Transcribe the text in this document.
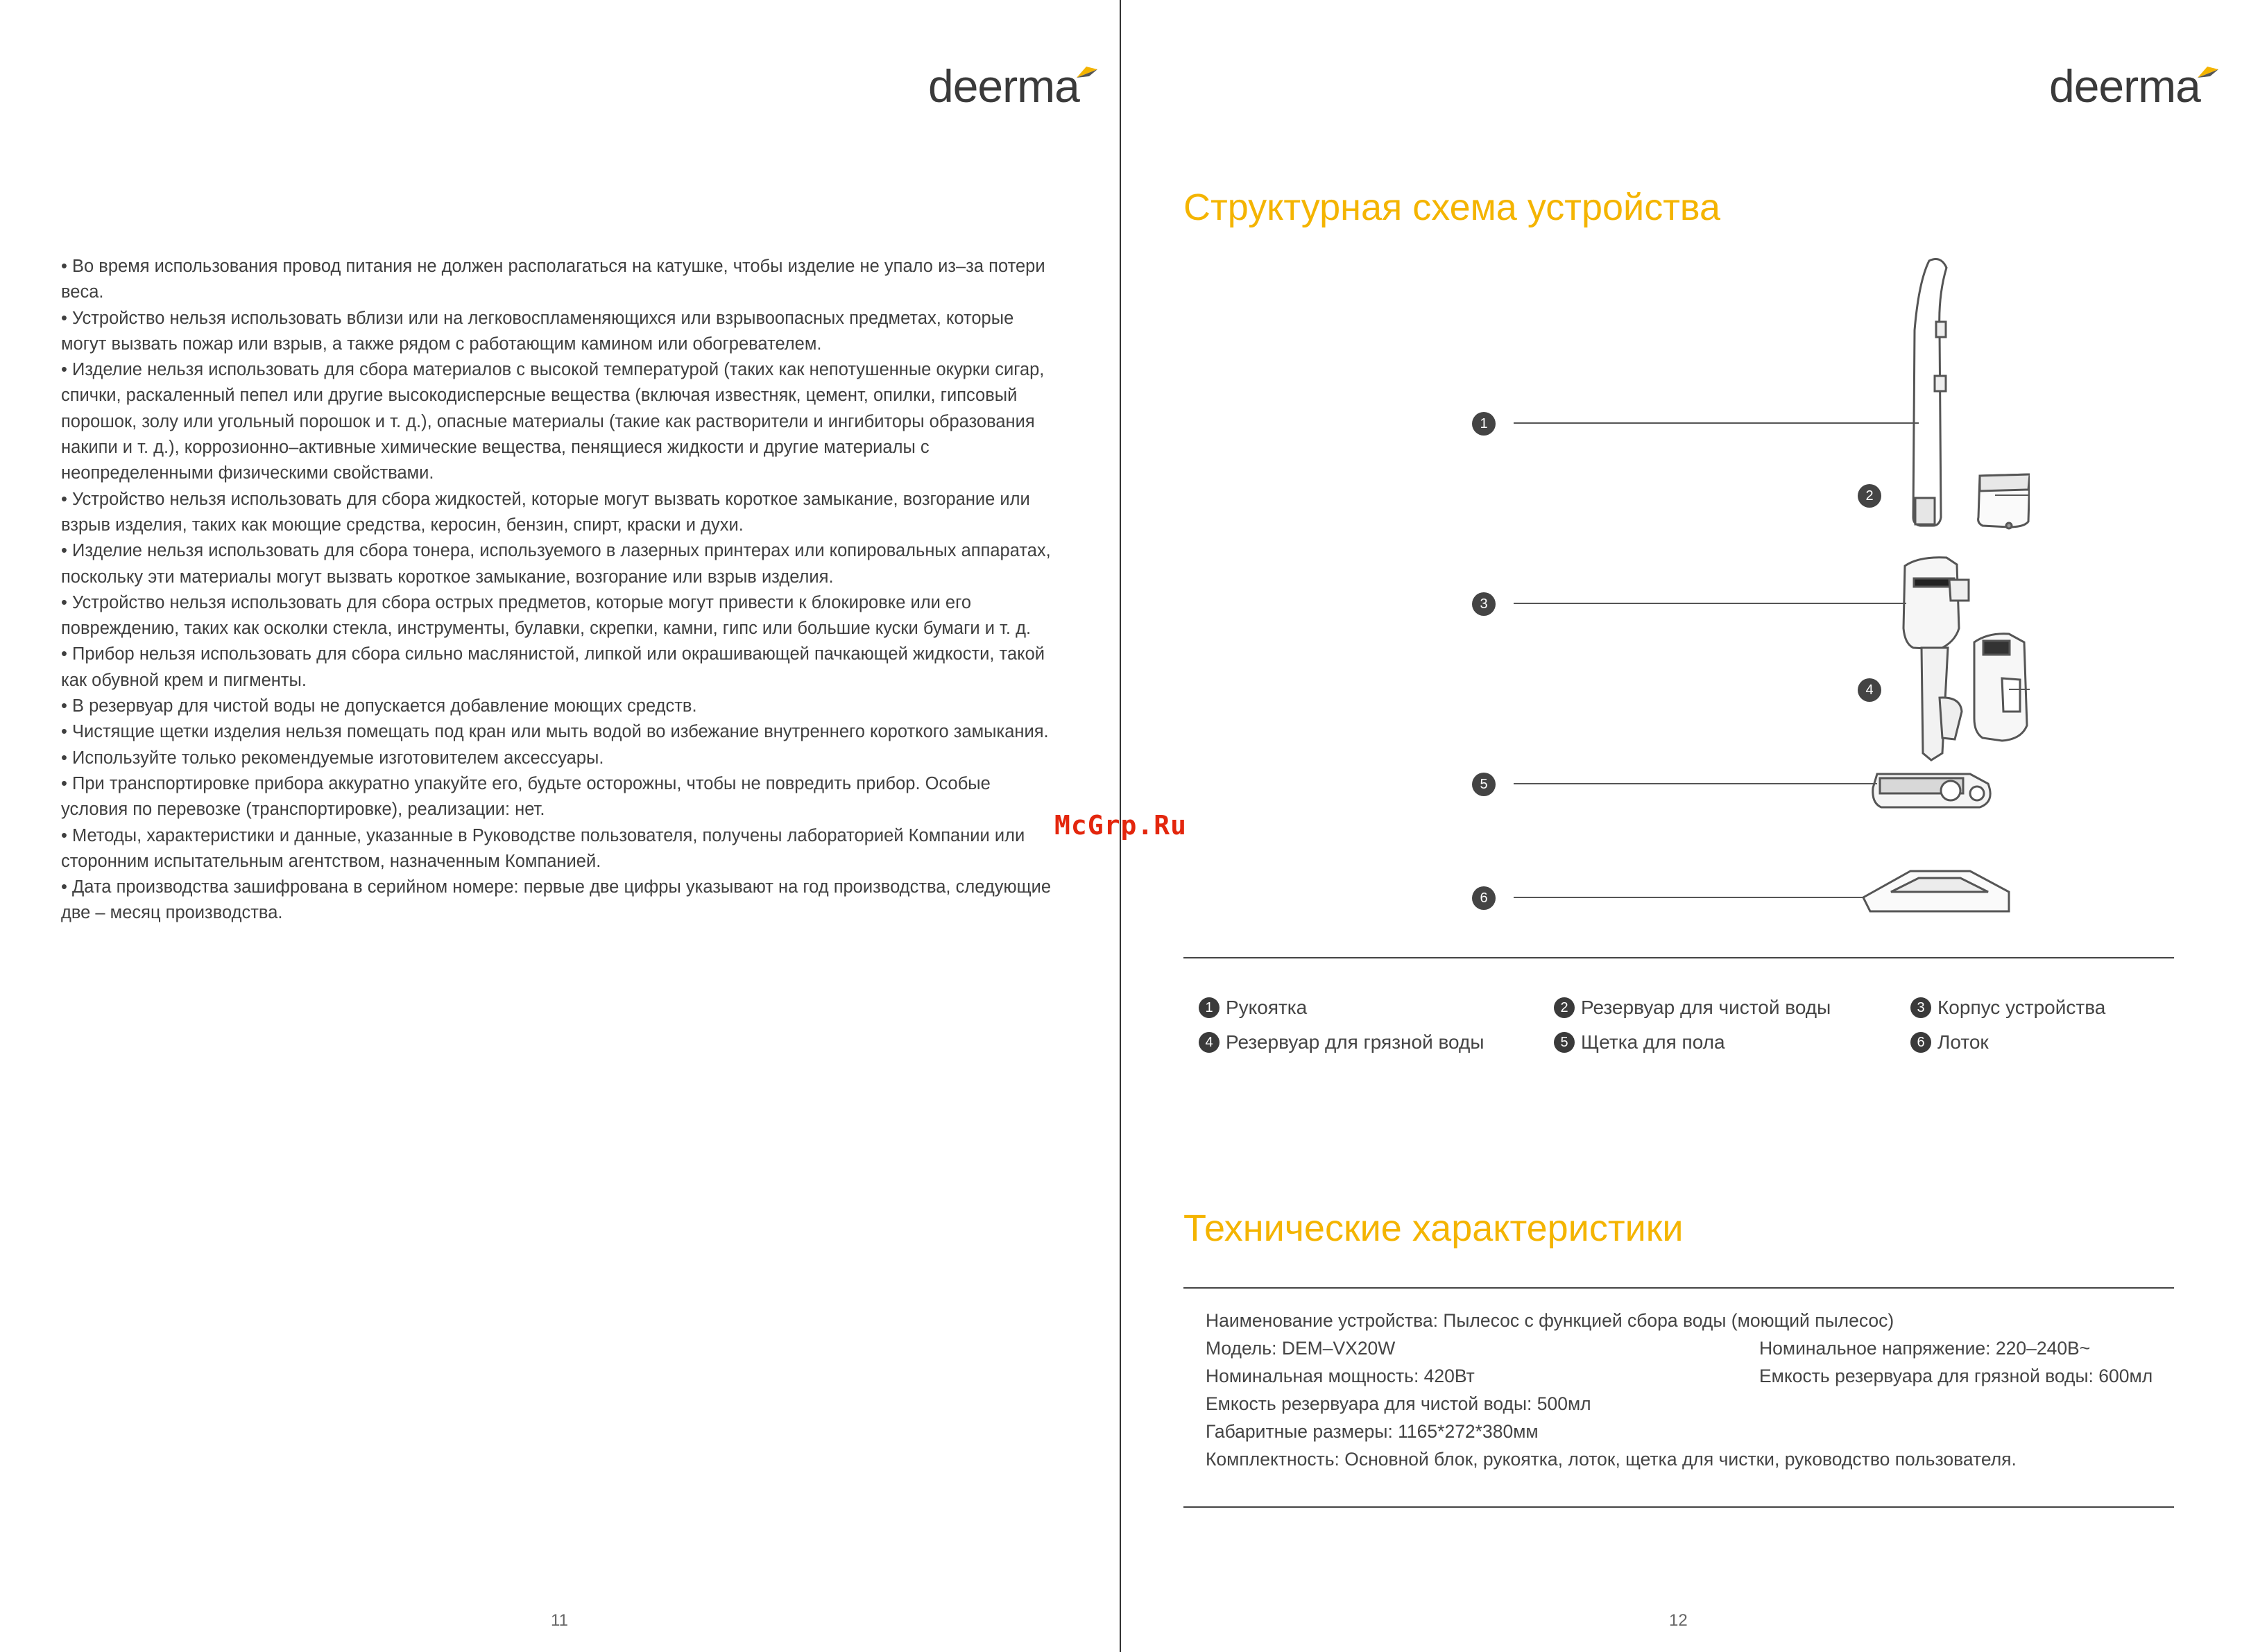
deerma

• Во время использования провод питания не должен располагаться на катушке, чтобы изделие не упало из–за потери веса.

• Устройство нельзя использовать вблизи или на легковоспламеняющихся или взрывоопасных предметах, которые могут вызвать пожар или взрыв, а также рядом с работающим камином или обогревателем.

• Изделие нельзя использовать для сбора материалов с высокой температурой (таких как непотушенные окурки сигар, спички, раскаленный пепел или другие высокодисперсные вещества (включая известняк, цемент, опилки, гипсовый порошок, золу или угольный порошок и т. д.), опасные материалы (такие как растворители и ингибиторы образования накипи и т. д.), коррозионно–активные химические вещества, пенящиеся жидкости и другие материалы с неопределенными физическими свойствами.

• Устройство нельзя использовать для сбора жидкостей, которые могут вызвать короткое замыкание, возгорание или взрыв изделия, таких как моющие средства, керосин, бензин, спирт, краски и духи.

• Изделие нельзя использовать для сбора тонера, используемого в лазерных принтерах или копировальных аппаратах, поскольку эти материалы могут вызвать короткое замыкание, возгорание или взрыв изделия.

• Устройство нельзя использовать для сбора острых предметов, которые могут привести к блокировке или его повреждению, таких как осколки стекла, инструменты, булавки, скрепки, камни, гипс или большие куски бумаги и т. д.

• Прибор нельзя использовать для сбора сильно маслянистой, липкой или окрашивающей пачкающей жидкости, такой как обувной крем и пигменты.

• В резервуар для чистой воды не допускается добавление моющих средств.

• Чистящие щетки изделия нельзя помещать под кран или мыть водой во избежание внутреннего короткого замыкания.

• Используйте только рекомендуемые изготовителем аксессуары.

• При транспортировке прибора аккуратно упакуйте его, будьте осторожны, чтобы не повредить прибор. Особые условия по перевозке (транспортировке), реализации: нет.

• Методы, характеристики и данные, указанные в Руководстве пользователя, получены лабораторией Компании или сторонним испытательным агентством, назначенным Компанией.

• Дата производства зашифрована в серийном номере: первые две цифры указывают на год производства, следующие две – месяц производства.

11
McGrp.Ru
deerma
Структурная схема устройства
1
2
3
4
5
6
1 Рукоятка	2 Резервуар для чистой воды	3 Корпус устройства
4 Резервуар для грязной воды	5 Щетка для пола	6 Лоток
Технические характеристики
Наименование устройства: Пылесос с функцией сбора воды (моющий пылесос)
Модель: DEM–VX20W	Номинальное напряжение: 220–240В~
Номинальная мощность: 420Вт	Емкость резервуара для грязной воды: 600мл
Емкость резервуара для чистой воды: 500мл
Габаритные размеры: 1165*272*380мм
Комплектность: Основной блок, рукоятка, лоток, щетка для чистки, руководство пользователя.
12
